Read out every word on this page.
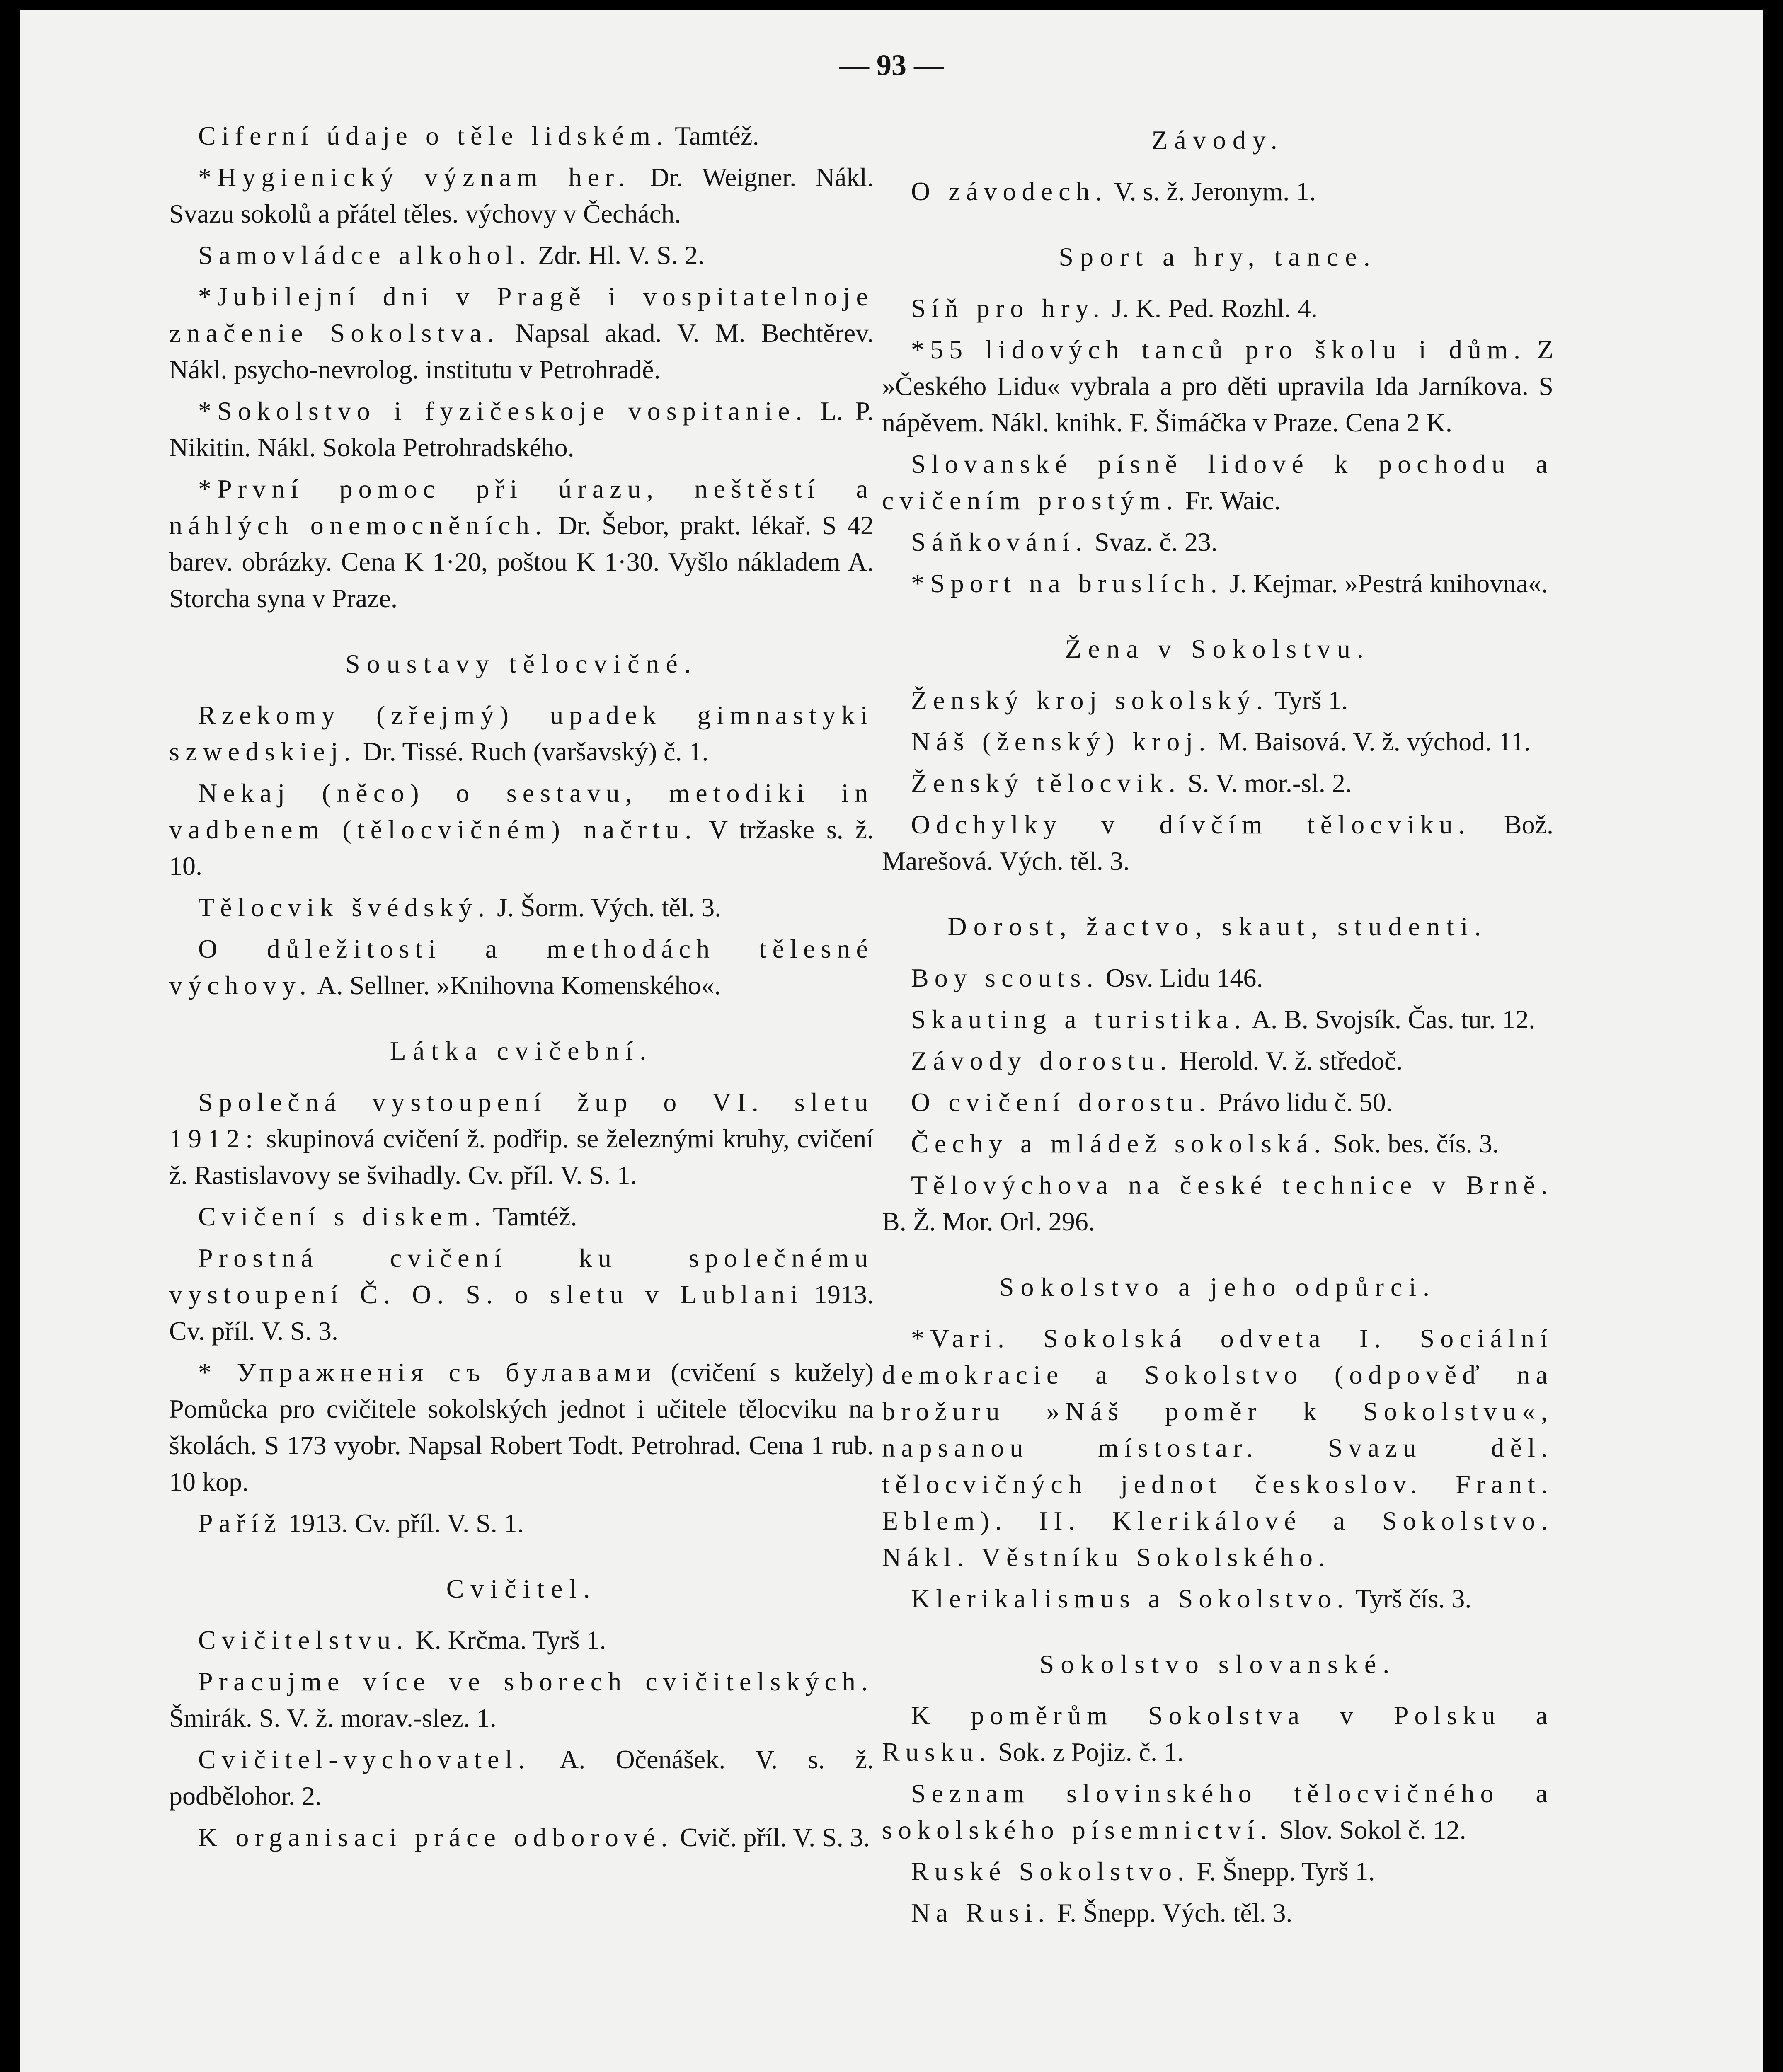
— 93 —

Ciferní údaje o těle lidském. Tamtéž.

*Hygienický význam her. Dr. Weigner. Nákl. Svazu sokolů a přátel těles. výchovy v Čechách.

Samovládce alkohol. Zdr. Hl. V. S. 2.

*Jubilejní dni v Pragě i vospitatelnoje značenie Sokolstva. Napsal akad. V. M. Bechtěrev. Nákl. psycho-nevrolog. institutu v Petrohradě.

*Sokolstvo i fyzičeskoje vospitanie. L. P. Nikitin. Nákl. Sokola Petrohradského.

*První pomoc při úrazu, neštěstí a náhlých onemocněních. Dr. Šebor, prakt. lékař. S 42 barev. obrázky. Cena K 1·20, poštou K 1·30. Vyšlo nákladem A. Storcha syna v Praze.

Soustavy tělocvičné.

Rzekomy (zřejmý) upadek gimnastyki szwedskiej. Dr. Tissé. Ruch (varšavský) č. 1.

Nekaj (něco) o sestavu, metodiki in vadbenem (tělocvičném) načrtu. V tržaske s. ž. 10.

Tělocvik švédský. J. Šorm. Vých. těl. 3.

O důležitosti a methodách tělesné výchovy. A. Sellner. »Knihovna Komenského«.

Látka cvičební.

Společná vystoupení žup o VI. sletu 1912: skupinová cvičení ž. podřip. se železnými kruhy, cvičení ž. Rastislavovy se švihadly. Cv. příl. V. S. 1.

Cvičení s diskem. Tamtéž.

Prostná cvičení ku společnému vystoupení Č. O. S. o sletu v Lublani 1913. Cv. příl. V. S. 3.

* Упражненія съ булавами (cvičení s kužely) Pomůcka pro cvičitele sokolských jednot i učitele tělocviku na školách. S 173 vyobr. Napsal Robert Todt. Petrohrad. Cena 1 rub. 10 kop.

Paříž 1913. Cv. příl. V. S. 1.

Cvičitel.

Cvičitelstvu. K. Krčma. Tyrš 1.

Pracujme více ve sborech cvičitelských. Šmirák. S. V. ž. morav.-slez. 1.

Cvičitel-vychovatel. A. Očenášek. V. s. ž. podbělohor. 2.

K organisaci práce odborové. Cvič. příl. V. S. 3.

Závody.

O závodech. V. s. ž. Jeronym. 1.

Sport a hry, tance.

Síň pro hry. J. K. Ped. Rozhl. 4.

*55 lidových tanců pro školu i dům. Z »Českého Lidu« vybrala a pro děti upravila Ida Jarníkova. S nápěvem. Nákl. knihk. F. Šimáčka v Praze. Cena 2 K.

Slovanské písně lidové k pochodu a cvičením prostým. Fr. Waic.

Sáňkování. Svaz. č. 23.

*Sport na bruslích. J. Kejmar. »Pestrá knihovna«.

Žena v Sokolstvu.

Ženský kroj sokolský. Tyrš 1.

Náš (ženský) kroj. M. Baisová. V. ž. východ. 11.

Ženský tělocvik. S. V. mor.-sl. 2.

Odchylky v dívčím tělocviku. Bož. Marešová. Vých. těl. 3.

Dorost, žactvo, skaut, studenti.

Boy scouts. Osv. Lidu 146.

Skauting a turistika. A. B. Svojsík. Čas. tur. 12.

Závody dorostu. Herold. V. ž. středoč.

O cvičení dorostu. Právo lidu č. 50.

Čechy a mládež sokolská. Sok. bes. čís. 3.

Tělovýchova na české technice v Brně. B. Ž. Mor. Orl. 296.

Sokolstvo a jeho odpůrci.

*Vari. Sokolská odveta I. Sociální demokracie a Sokolstvo (odpověď na brožuru »Náš poměr k Sokolstvu«, napsanou místostar. Svazu děl. tělocvičných jednot českoslov. Frant. Eblem). II. Klerikálové a Sokolstvo. Nákl. Věstníku Sokolského.

Klerikalismus a Sokolstvo. Tyrš čís. 3.

Sokolstvo slovanské.

K poměrům Sokolstva v Polsku a Rusku. Sok. z Pojiz. č. 1.

Seznam slovinského tělocvičného a sokolského písemnictví. Slov. Sokol č. 12.

Ruské Sokolstvo. F. Šnepp. Tyrš 1.

Na Rusi. F. Šnepp. Vých. těl. 3.
